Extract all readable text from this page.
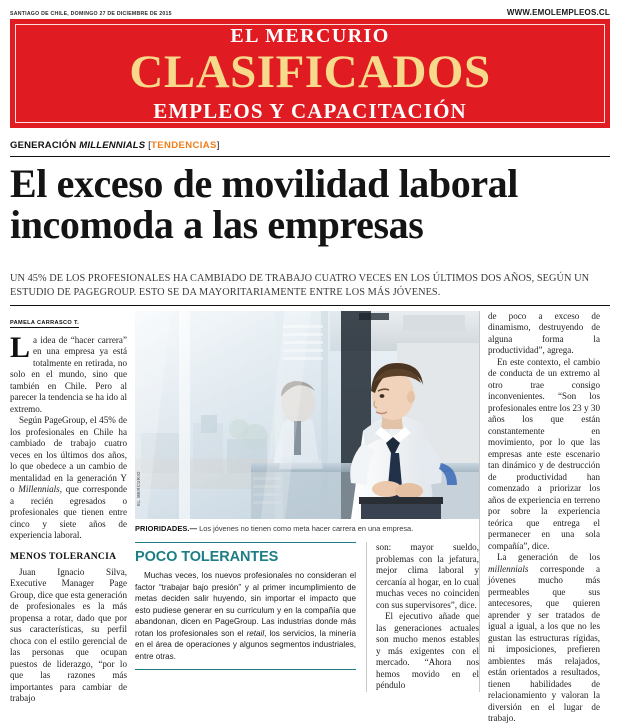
SANTIAGO DE CHILE, DOMINGO 27 DE DICIEMBRE DE 2015	WWW.EMOLEMPLEOS.CL
EL MERCURIO
CLASIFICADOS
EMPLEOS Y CAPACITACIÓN
GENERACIÓN MILLENNIALS [TENDENCIAS]
El exceso de movilidad laboral
incomoda a las empresas
UN 45% DE LOS PROFESIONALES HA CAMBIADO DE TRABAJO CUATRO VECES EN LOS ÚLTIMOS DOS AÑOS, SEGÚN UN ESTUDIO DE PAGEGROUP. ESTO SE DA MAYORITARIAMENTE ENTRE LOS MÁS JÓVENES.
PAMELA CARRASCO T.

La idea de “hacer carrera” en una empresa ya está totalmente en retirada, no solo en el mundo, sino que también en Chile. Pero al parecer la tendencia se ha ido al extremo.

Según PageGroup, el 45% de los profesionales en Chile ha cambiado de trabajo cuatro veces en los últimos dos años, lo que obedece a un cambio de mentalidad en la generación Y o Millennials, que corresponde a recién egresados o profesionales que tienen entre cinco y siete años de experiencia laboral.

MENOS TOLERANCIA

Juan Ignacio Silva, Executive Manager Page Group, dice que esta generación de profesionales es la más propensa a rotar, dado que por sus características, su perfil choca con el estilo gerencial de las personas que ocupan puestos de liderazgo, “por lo que las razones más importantes para cambiar de trabajo

EL MERCURIO
PRIORIDADES.— Los jóvenes no tienen como meta hacer carrera en una empresa.
POCO TOLERANTES

Muchas veces, los nuevos profesionales no consideran el factor “trabajar bajo presión” y al primer incumplimiento de metas deciden salir huyendo, sin importar el impacto que esto pudiese generar en su curriculum y en la compañía que abandonan, dicen en PageGroup. Las industrias donde más rotan los profesionales son el retail, los servicios, la minería en el área de operaciones y algunos segmentos industriales, entre otras.

son: mayor sueldo, problemas con la jefatura, mejor clima laboral y cercanía al hogar, en lo cual muchas veces no coinciden con sus supervisores”, dice.

El ejecutivo añade que las generaciones actuales son mucho menos estables y más exigentes con el mercado. “Ahora nos hemos movido en el péndulo

de poco a exceso de dinamismo, destruyendo de alguna forma la productividad”, agrega.

En este contexto, el cambio de conducta de un extremo al otro trae consigo inconvenientes. “Son los profesionales entre los 23 y 30 años los que están constantemente en movimiento, por lo que las empresas ante este escenario tan dinámico y de destrucción de productividad han comenzado a priorizar los años de experiencia en terreno por sobre la experiencia teórica que entrega el permanecer en una sola compañía”, dice.

La generación de los millennials corresponde a jóvenes mucho más permeables que sus antecesores, que quieren aprender y ser tratados de igual a igual, a los que no les gustan las estructuras rígidas, ni imposiciones, prefieren ambientes más relajados, están orientados a resultados, tienen habilidades de relacionamiento y valoran la diversión en el lugar de trabajo.
